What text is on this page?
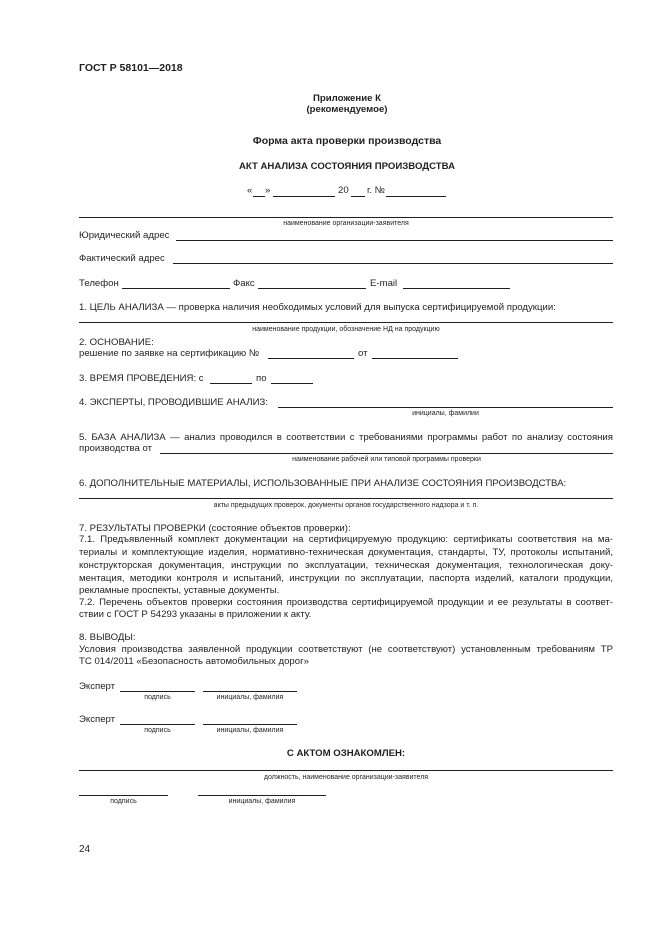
ГОСТ Р 58101—2018
Приложение К
(рекомендуемое)
Форма акта проверки производства
АКТ АНАЛИЗА СОСТОЯНИЯ ПРОИЗВОДСТВА
« »	20 г. №
наименование организации-заявителя
Юридический адрес
Фактический адрес
Телефон	Факс	E-mail
1. ЦЕЛЬ АНАЛИЗА — проверка наличия необходимых условий для выпуска сертифицируемой продукции:
наименование продукции, обозначение НД на продукцию
2. ОСНОВАНИЕ:
решение по заявке на сертификацию №	от
3. ВРЕМЯ ПРОВЕДЕНИЯ: с	по
4. ЭКСПЕРТЫ, ПРОВОДИВШИЕ АНАЛИЗ:
инициалы, фамилии
5. БАЗА АНАЛИЗА — анализ проводился в соответствии с требованиями программы работ по анализу состояния
производства от
наименование рабочей или типовой программы проверки
6. ДОПОЛНИТЕЛЬНЫЕ МАТЕРИАЛЫ, ИСПОЛЬЗОВАННЫЕ ПРИ АНАЛИЗЕ СОСТОЯНИЯ ПРОИЗВОДСТВА:
акты предыдущих проверок, документы органов государственного надзора и т. п.
7. РЕЗУЛЬТАТЫ ПРОВЕРКИ (состояние объектов проверки):
7.1. Предъявленный комплект документации на сертифицируемую продукцию: сертификаты соответствия на ма-
териалы и комплектующие изделия, нормативно-техническая документация, стандарты, ТУ, протоколы испытаний,
конструкторская документация, инструкции по эксплуатации, техническая документация, технологическая доку-
ментация, методики контроля и испытаний, инструкции по эксплуатации, паспорта изделий, каталоги продукции,
рекламные проспекты, уставные документы.
7.2. Перечень объектов проверки состояния производства сертифицируемой продукции и ее результаты в соответ-
ствии с ГОСТ Р 54293 указаны в приложении к акту.
8. ВЫВОДЫ:
Условия производства заявленной продукции соответствуют (не соответствуют) установленным требованиям ТР
ТС 014/2011 «Безопасность автомобильных дорог»
Эксперт
подпись	инициалы, фамилия
Эксперт
подпись	инициалы, фамилия
С АКТОМ ОЗНАКОМЛЕН:
должность, наименование организации-заявителя
подпись	инициалы, фамилия
24
